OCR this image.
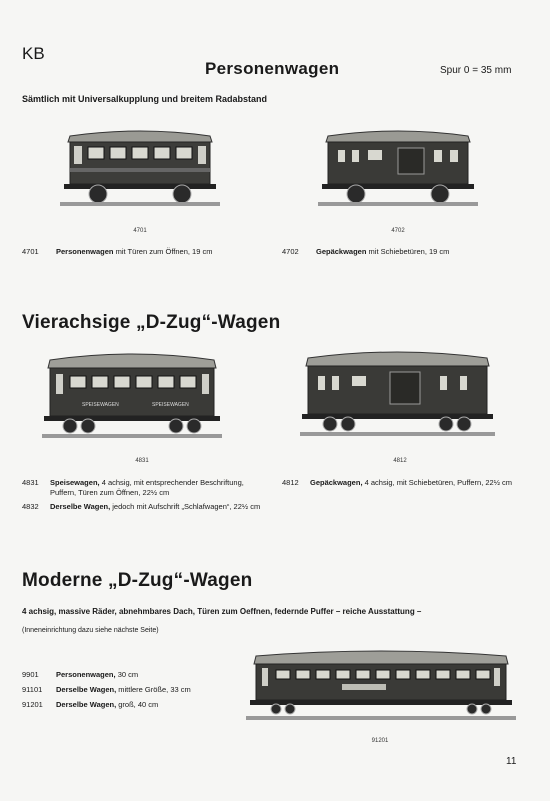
KB
Personenwagen	Spur 0 = 35 mm
Sämtlich mit Universalkupplung und breitem Radabstand
4701	4702
4701 Personenwagen mit Türen zum Öffnen, 19 cm	4702 Gepäckwagen mit Schiebetüren, 19 cm
Vierachsige „D-Zug“-Wagen
SPEISEWAGEN	SPEISEWAGEN
4831	4812
4831	Speisewagen, 4 achsig, mit entsprechender Beschriftung, Puffern, Türen zum Öffnen, 22½ cm
4832	Derselbe Wagen, jedoch mit Aufschrift „Schlafwagen“, 22½ cm
4812	Gepäckwagen, 4 achsig, mit Schiebetüren, Puffern, 22½ cm
Moderne „D-Zug“-Wagen
4 achsig, massive Räder, abnehmbares Dach, Türen zum Oeffnen, federnde Puffer – reiche Ausstattung –
(Inneneinrichtung dazu siehe nächste Seite)
9901 Personenwagen, 30 cm
91101 Derselbe Wagen, mittlere Größe, 33 cm
91201 Derselbe Wagen, groß, 40 cm
91201
11
